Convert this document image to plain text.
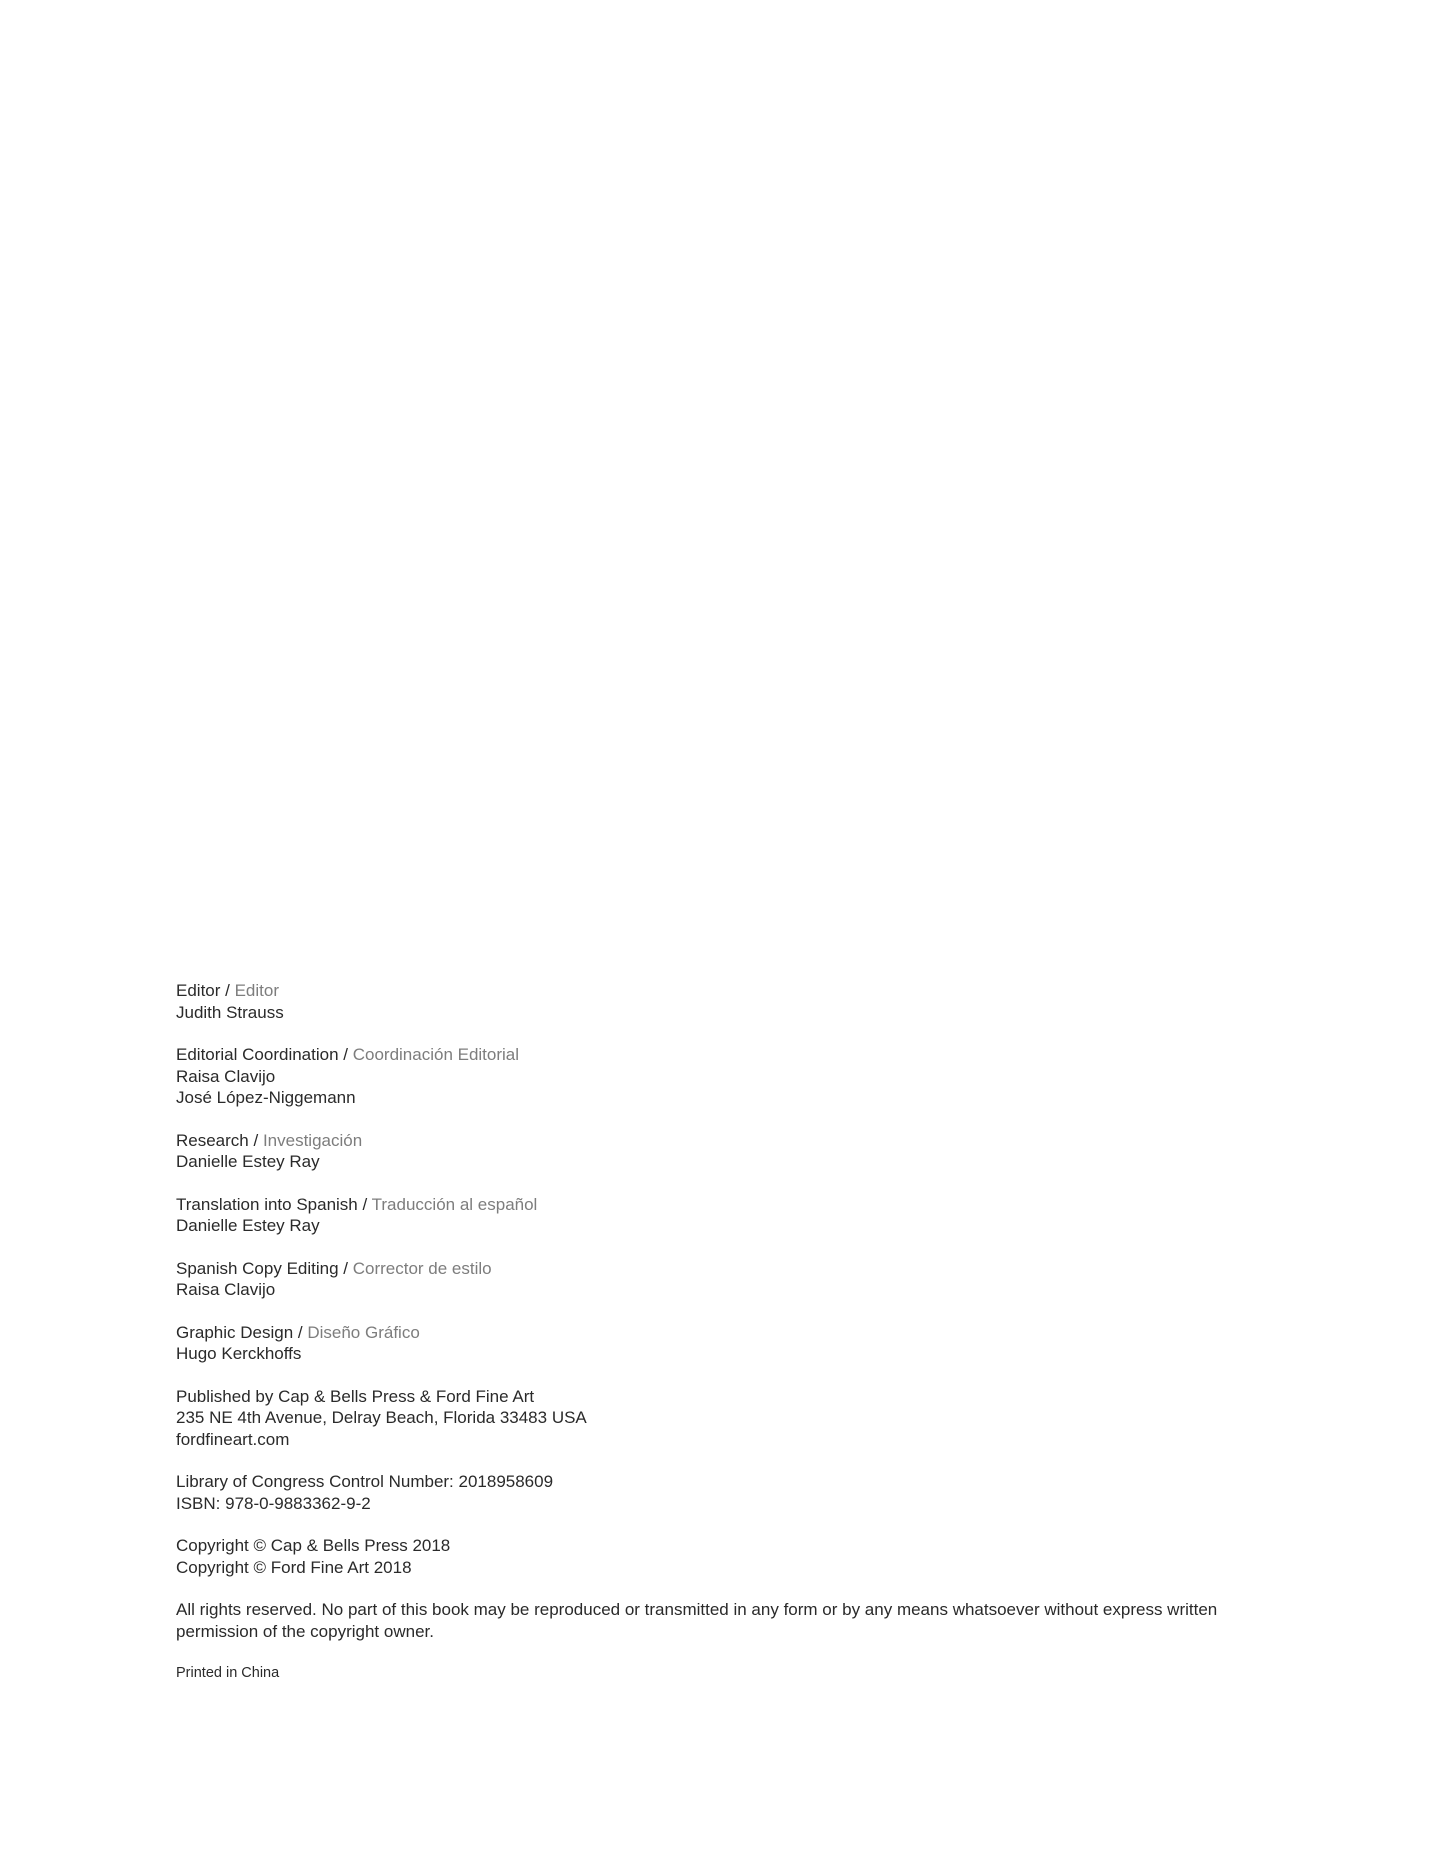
Editor / Editor
Judith Strauss
Editorial Coordination / Coordinación Editorial
Raisa Clavijo
José López-Niggemann
Research / Investigación
Danielle Estey Ray
Translation into Spanish / Traducción al español
Danielle Estey Ray
Spanish Copy Editing / Corrector de estilo
Raisa Clavijo
Graphic Design / Diseño Gráfico
Hugo Kerckhoffs
Published by Cap & Bells Press & Ford Fine Art
235 NE 4th Avenue, Delray Beach, Florida 33483 USA
fordfineart.com
Library of Congress Control Number: 2018958609
ISBN: 978-0-9883362-9-2
Copyright © Cap & Bells Press 2018
Copyright © Ford Fine Art 2018
All rights reserved. No part of this book may be reproduced or transmitted in any form or by any means whatsoever without express written permission of the copyright owner.
Printed in China
